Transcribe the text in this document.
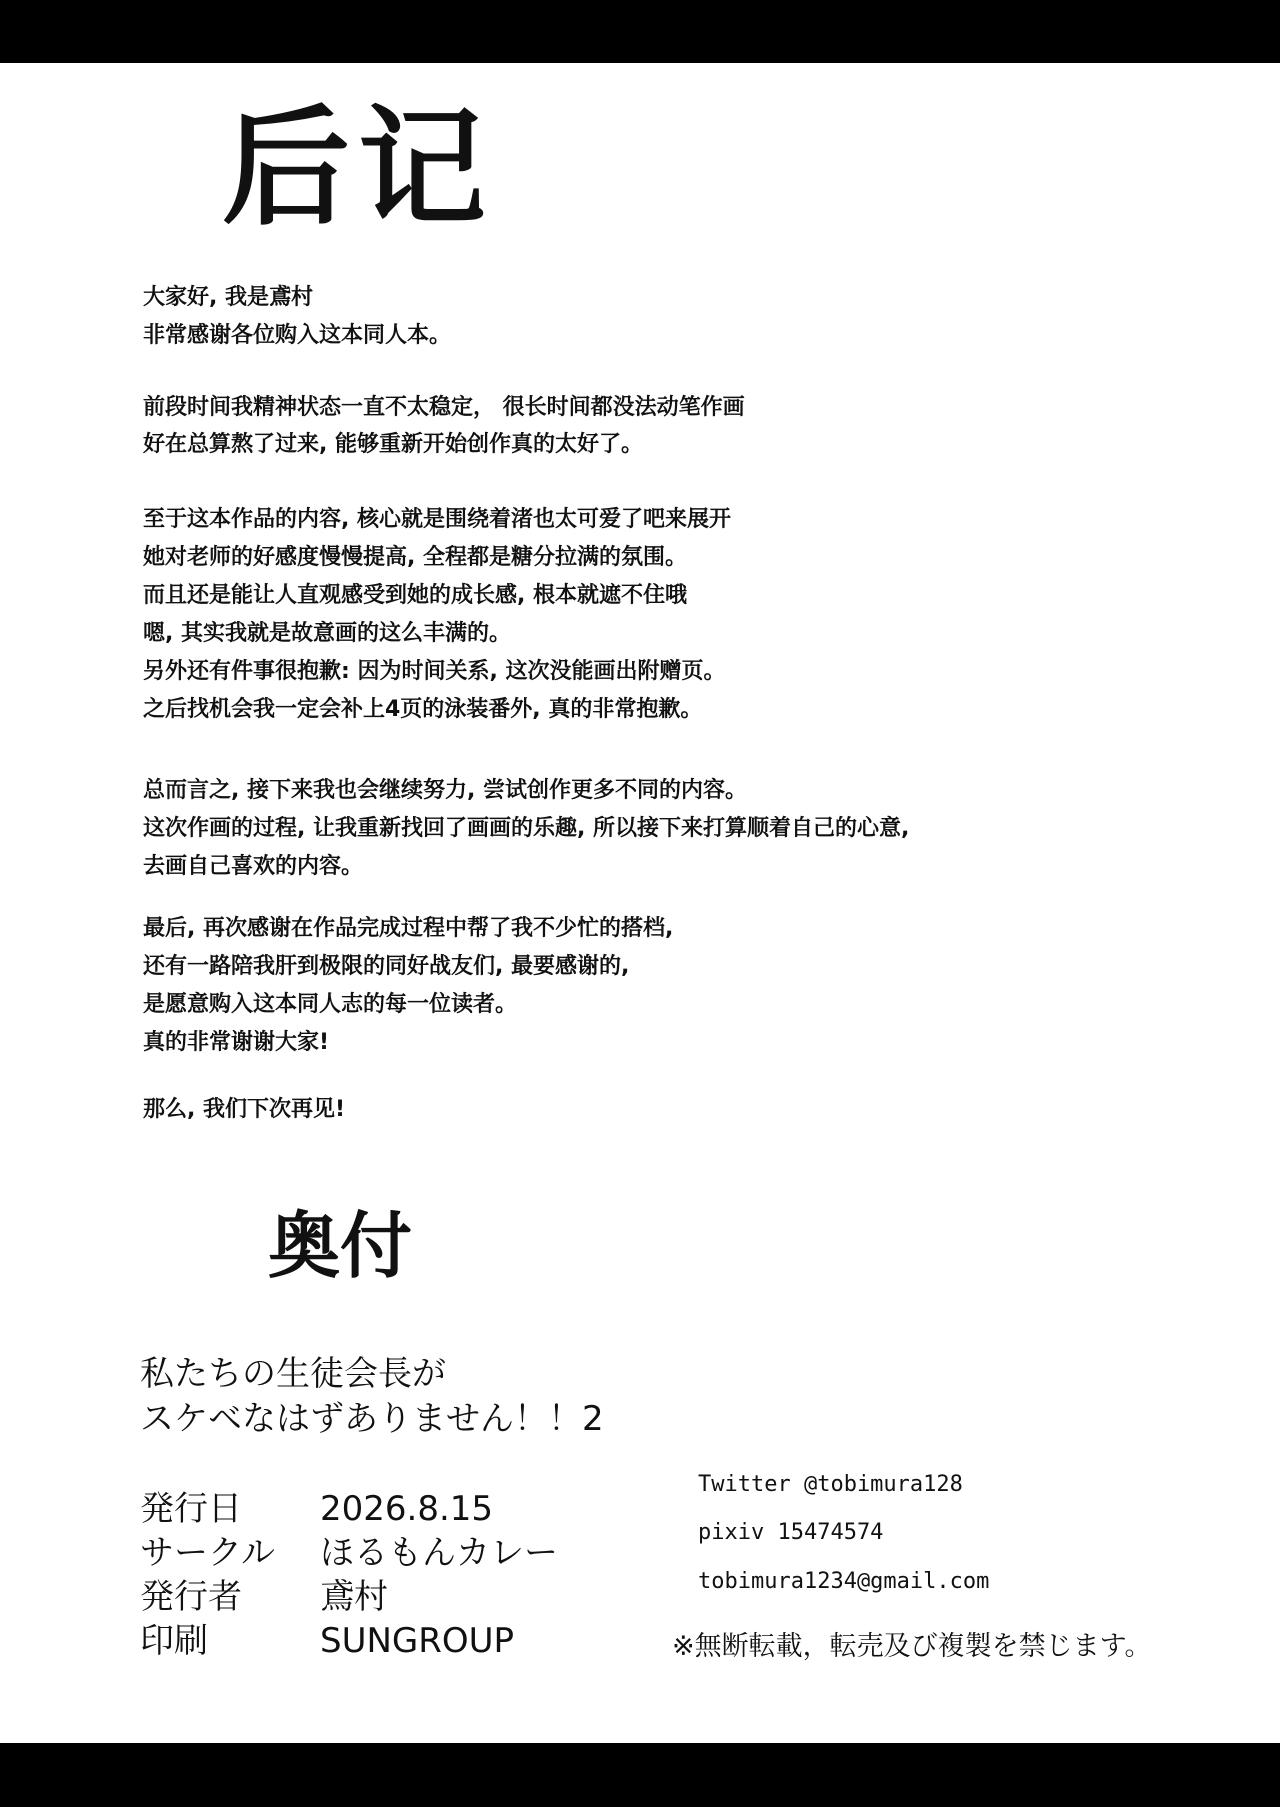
后记
大家好, 我是鳶村
非常感谢各位购入这本同人本。
前段时间我精神状态一直不太稳定， 很长时间都没法动笔作画
好在总算熬了过来, 能够重新开始创作真的太好了。
至于这本作品的内容, 核心就是围绕着渚也太可爱了吧来展开
她对老师的好感度慢慢提高, 全程都是糖分拉满的氛围。
而且还是能让人直观感受到她的成长感, 根本就遮不住哦
嗯, 其实我就是故意画的这么丰满的。
另外还有件事很抱歉: 因为时间关系, 这次没能画出附赠页。
之后找机会我一定会补上4页的泳装番外, 真的非常抱歉。
总而言之, 接下来我也会继续努力, 尝试创作更多不同的内容。
这次作画的过程, 让我重新找回了画画的乐趣, 所以接下来打算顺着自己的心意,
去画自己喜欢的内容。
最后, 再次感谢在作品完成过程中帮了我不少忙的搭档,
还有一路陪我肝到极限的同好战友们, 最要感谢的,
是愿意购入这本同人志的每一位读者。
真的非常谢谢大家!
那么, 我们下次再见!
奥付
私たちの生徒会長が
スケベなはずありません！！2
発行日 2026.8.15
サークル ほるもんカレー
発行者 鳶村
印刷	SUNGROUP
Twitter @tobimura128
pixiv 15474574
tobimura1234@gmail.com
※無断転載，転売及び複製を禁じます。
